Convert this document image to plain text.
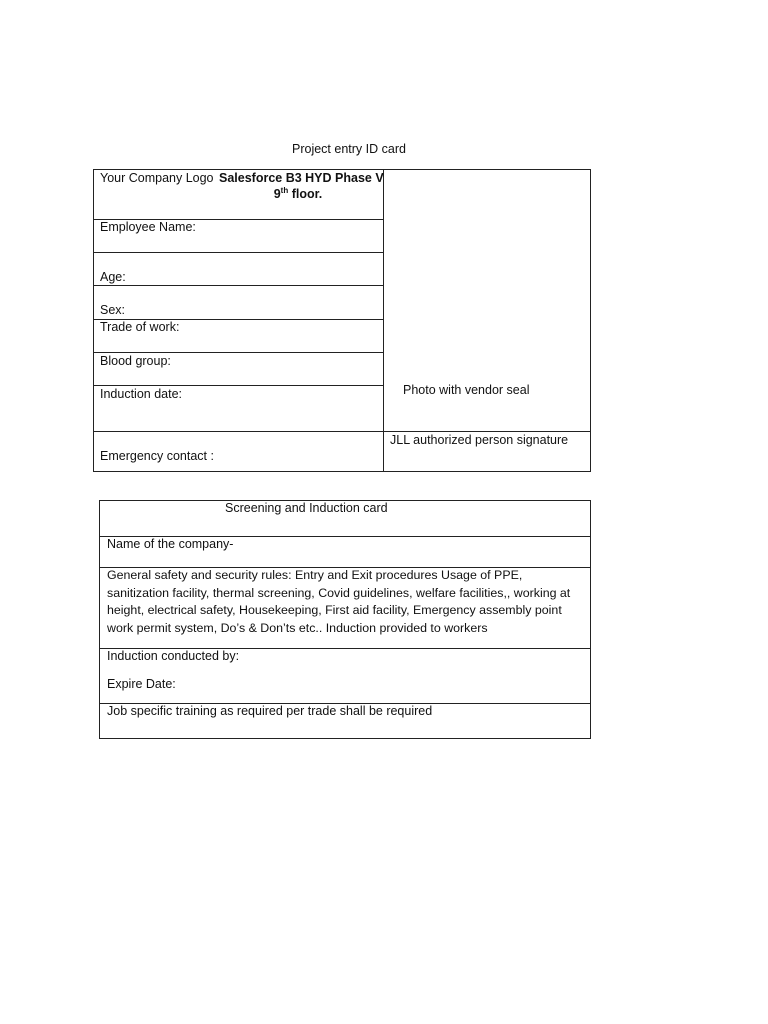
Project entry ID card
Your Company Logo Salesforce B3 HYD Phase V
9th floor.
Employee Name:
Age:
Sex:
Trade of work:
Blood group:
Induction date:
Emergency contact :
Photo with vendor seal
JLL authorized person signature
Screening and Induction card
Name of the company-
General safety and security rules: Entry and Exit procedures Usage of PPE, sanitization facility, thermal screening, Covid guidelines, welfare facilities,, working at height, electrical safety, Housekeeping, First aid facility, Emergency assembly point work permit system, Do’s & Don’ts etc.. Induction provided to workers
Induction conducted by:
Expire Date:
Job specific training as required per trade shall be required
